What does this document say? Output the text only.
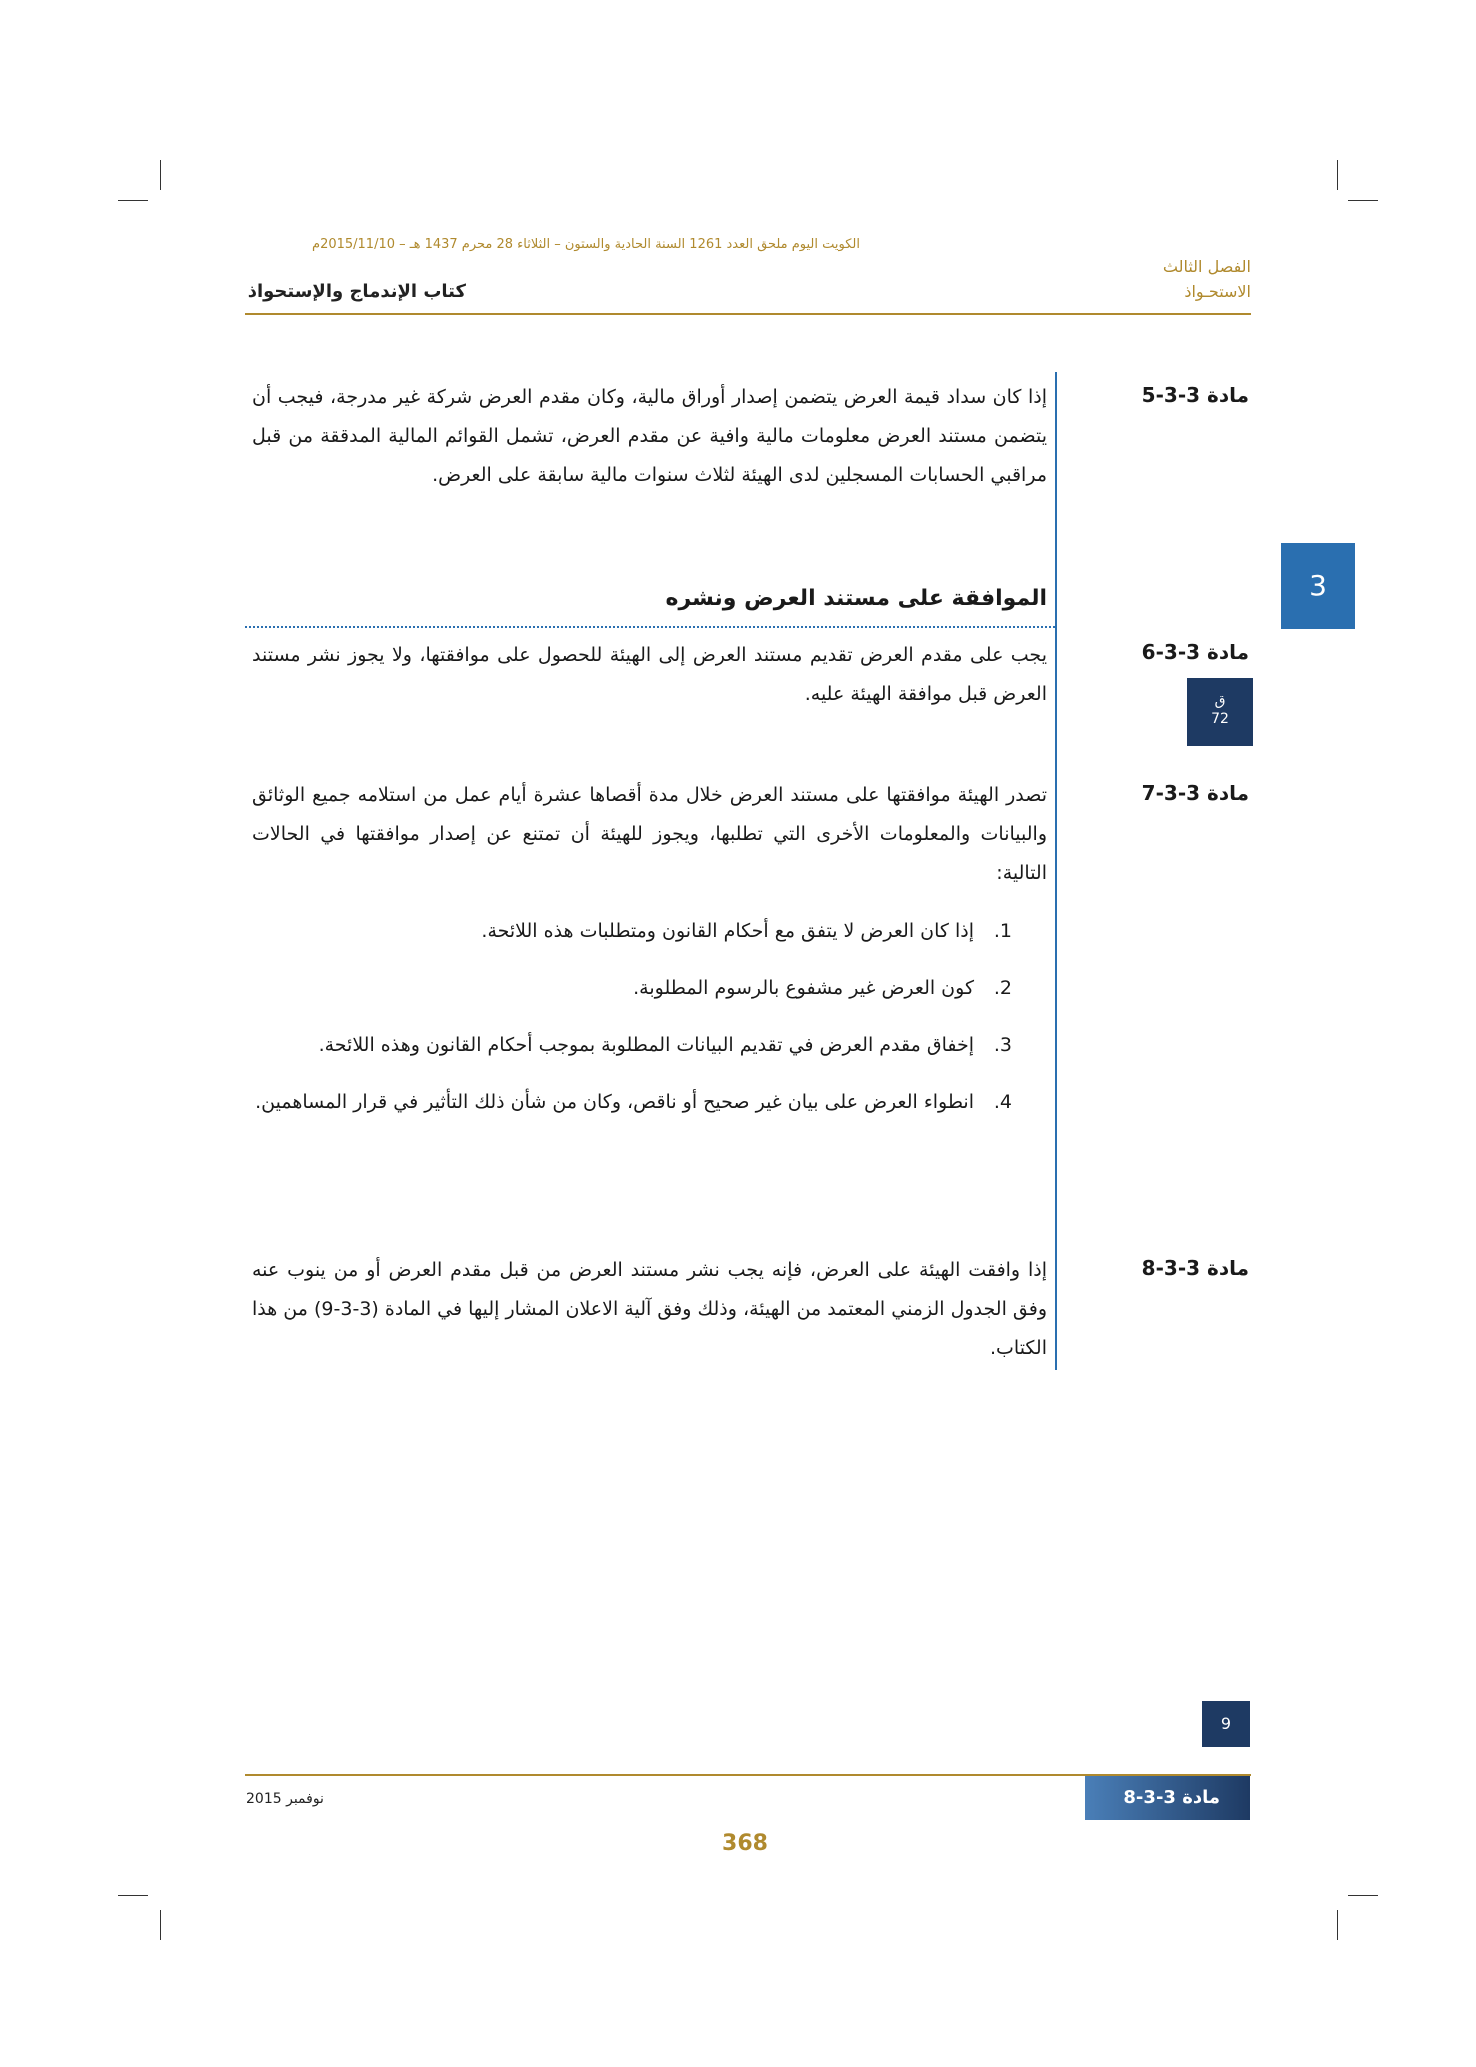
الكويت اليوم ملحق العدد 1261 السنة الحادية والستون – الثلاثاء 28 محرم 1437 هـ – 2015/11/10م
الفصل الثالث
الاستحـواذ
كتاب الإندماج والإستحواذ
3
مادة 3-3-5
إذا كان سداد قيمة العرض يتضمن إصدار أوراق مالية، وكان مقدم العرض شركة غير مدرجة، فيجب أن يتضمن مستند العرض معلومات مالية وافية عن مقدم العرض، تشمل القوائم المالية المدققة من قبل مراقبي الحسابات المسجلين لدى الهيئة لثلاث سنوات مالية سابقة على العرض.
الموافقة على مستند العرض ونشره
مادة 3-3-6
يجب على مقدم العرض تقديم مستند العرض إلى الهيئة للحصول على موافقتها، ولا يجوز نشر مستند العرض قبل موافقة الهيئة عليه.	ق
72
مادة 3-3-7
تصدر الهيئة موافقتها على مستند العرض خلال مدة أقصاها عشرة أيام عمل من استلامه جميع الوثائق والبيانات والمعلومات الأخرى التي تطلبها، ويجوز للهيئة أن تمتنع عن إصدار موافقتها في الحالات التالية:
1.
إذا كان العرض لا يتفق مع أحكام القانون ومتطلبات هذه اللائحة.
2.
كون العرض غير مشفوع بالرسوم المطلوبة.
3.
إخفاق مقدم العرض في تقديم البيانات المطلوبة بموجب أحكام القانون وهذه اللائحة.
4.
انطواء العرض على بيان غير صحيح أو ناقص، وكان من شأن ذلك التأثير في قرار المساهمين.
مادة 3-3-8
إذا وافقت الهيئة على العرض، فإنه يجب نشر مستند العرض من قبل مقدم العرض أو من ينوب عنه وفق الجدول الزمني المعتمد من الهيئة، وذلك وفق آلية الاعلان المشار إليها في المادة (3-3-9) من هذا الكتاب.
9
مادة 3-3-8
نوفمبر 2015
368
